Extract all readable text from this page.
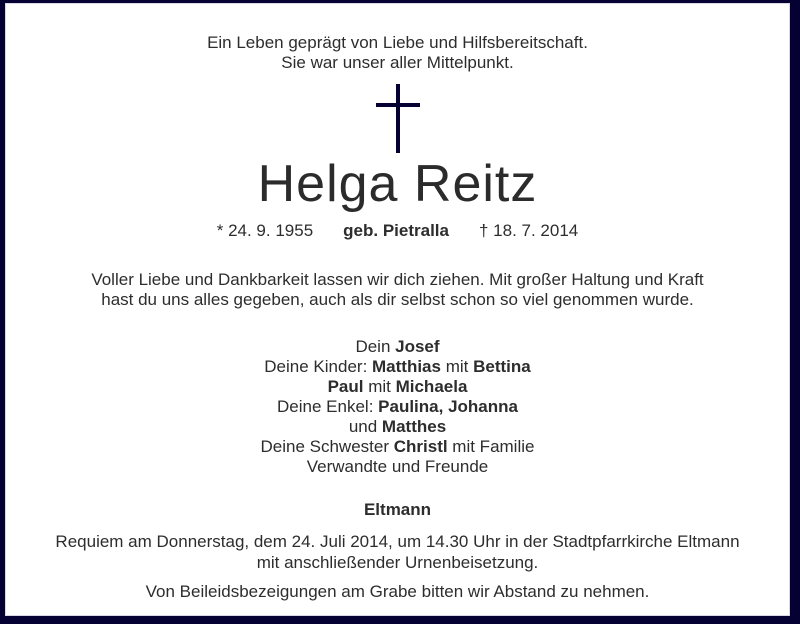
Ein Leben geprägt von Liebe und Hilfsbereitschaft.
Sie war unser aller Mittelpunkt.
Helga Reitz
* 24. 9. 1955 geb. Pietralla † 18. 7. 2014
Voller Liebe und Dankbarkeit lassen wir dich ziehen. Mit großer Haltung und Kraft
hast du uns alles gegeben, auch als dir selbst schon so viel genommen wurde.
Dein Josef
Deine Kinder: Matthias mit Bettina
Paul mit Michaela
Deine Enkel: Paulina, Johanna
und Matthes
Deine Schwester Christl mit Familie
Verwandte und Freunde
Eltmann
Requiem am Donnerstag, dem 24. Juli 2014, um 14.30 Uhr in der Stadtpfarrkirche Eltmann
mit anschließender Urnenbeisetzung.
Von Beileidsbezeigungen am Grabe bitten wir Abstand zu nehmen.
